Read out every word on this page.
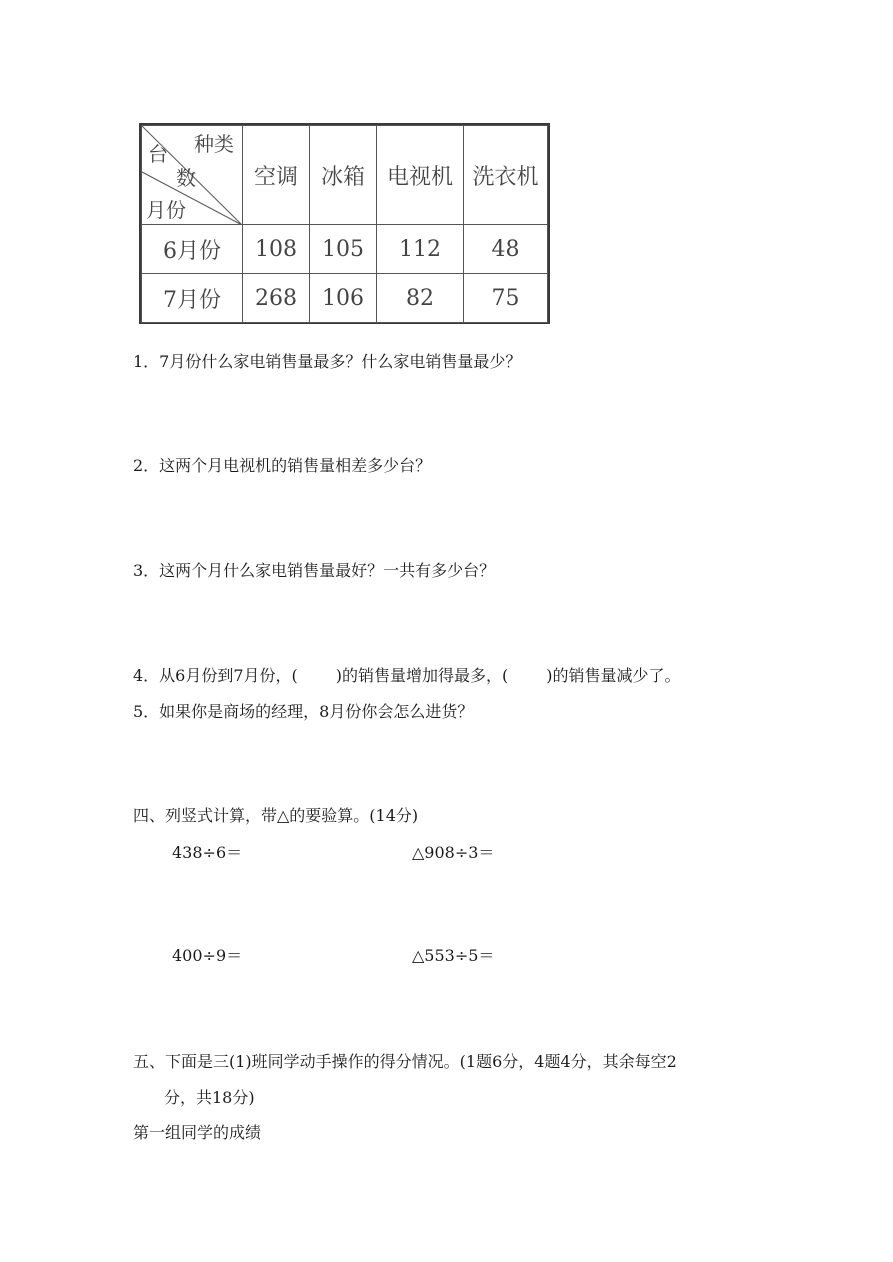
种类
台
数
月份	空调	冰箱	电视机	洗衣机
6月份	108	105	112	48
7月份	268	106	82	75
1．7月份什么家电销售量最多？什么家电销售量最少？
2．这两个月电视机的销售量相差多少台？
3．这两个月什么家电销售量最好？一共有多少台？
4．从6月份到7月份，( )的销售量增加得最多，( )的销售量减少了。
5．如果你是商场的经理，8月份你会怎么进货？
四、列竖式计算，带△的要验算。(14分)
438÷6＝	△908÷3＝
400÷9＝	△553÷5＝
五、下面是三(1)班同学动手操作的得分情况。(1题6分，4题4分，其余每空2
分，共18分)
第一组同学的成绩
